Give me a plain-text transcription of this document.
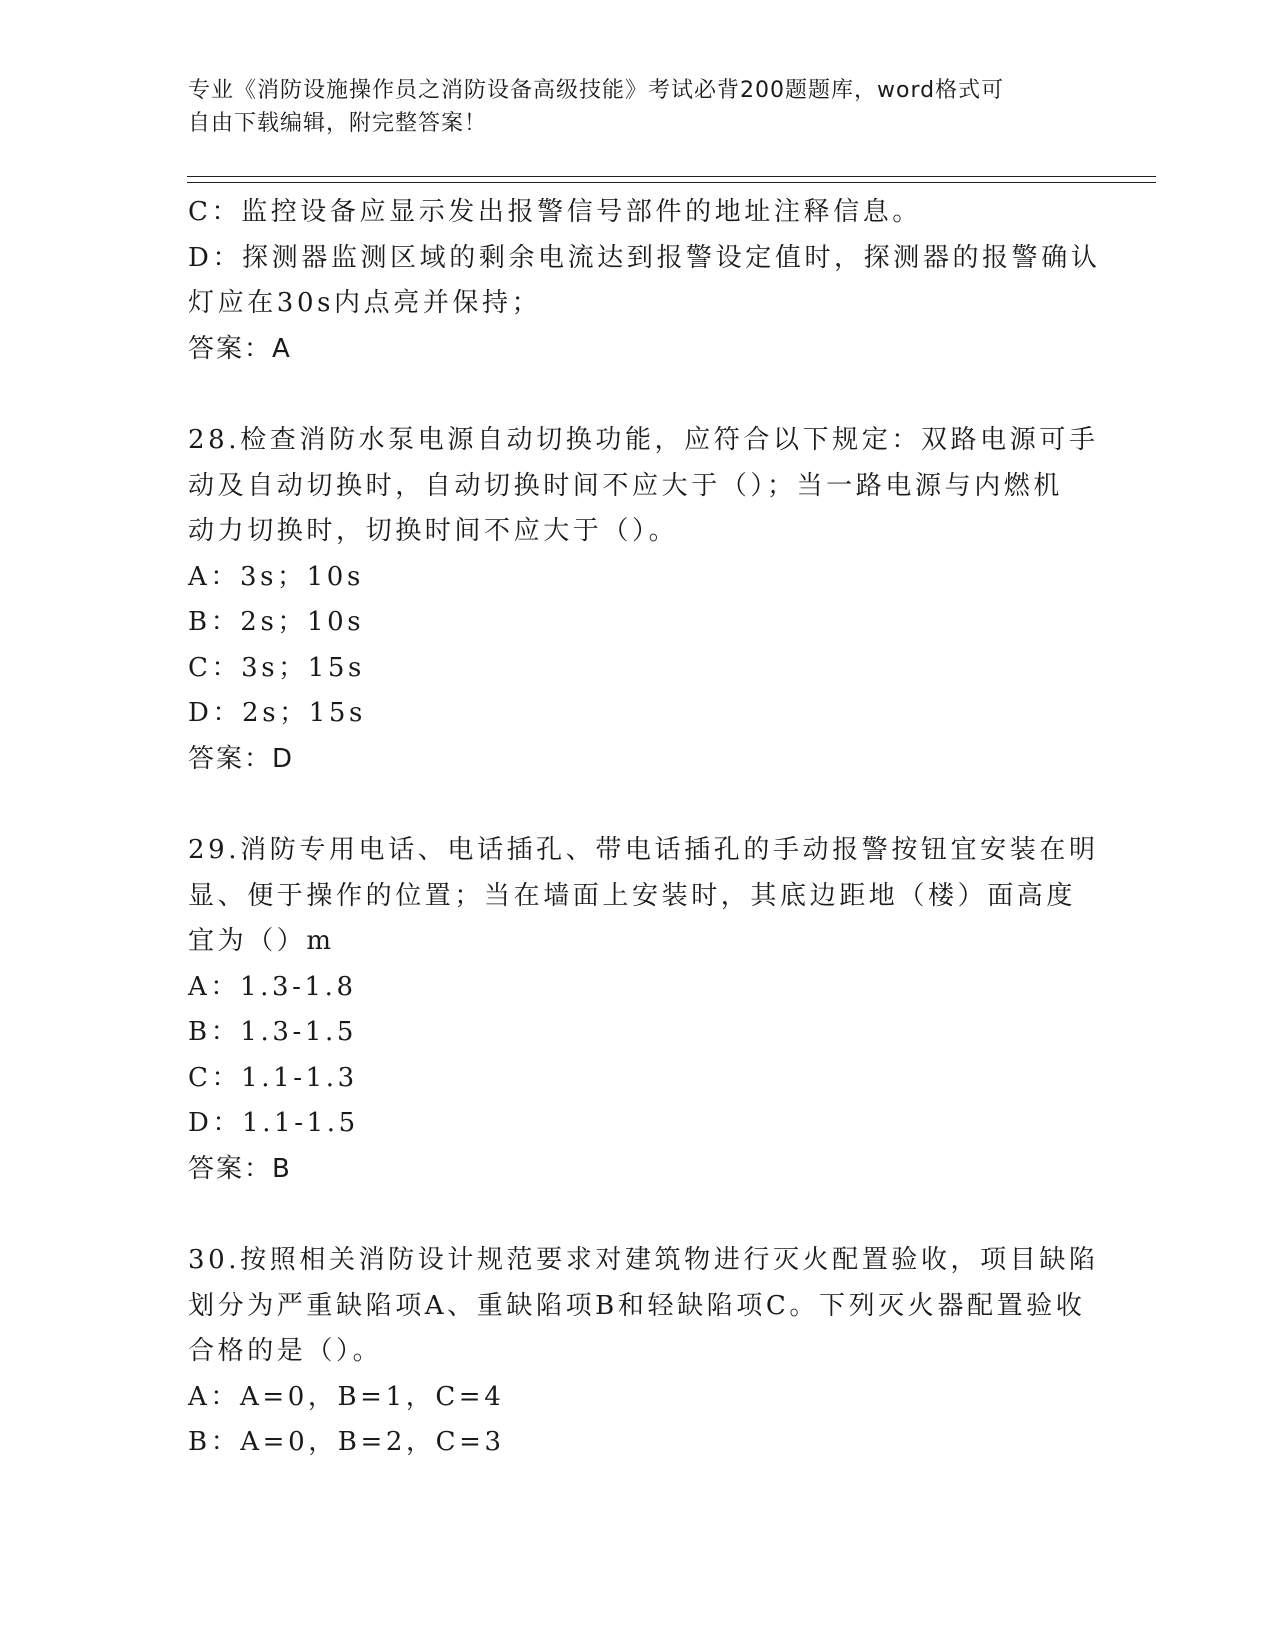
专业《消防设施操作员之消防设备高级技能》考试必背200题题库，word格式可
自由下载编辑，附完整答案！
C：监控设备应显示发出报警信号部件的地址注释信息。
D：探测器监测区域的剩余电流达到报警设定值时，探测器的报警确认
灯应在30s内点亮并保持；
答案：A
28.检查消防水泵电源自动切换功能，应符合以下规定：双路电源可手
动及自动切换时，自动切换时间不应大于（）；当一路电源与内燃机
动力切换时，切换时间不应大于（）。
A：3s；10s
B：2s；10s
C：3s；15s
D：2s；15s
答案：D
29.消防专用电话、电话插孔、带电话插孔的手动报警按钮宜安装在明
显、便于操作的位置；当在墙面上安装时，其底边距地（楼）面高度
宜为（）m
A：1.3-1.8
B：1.3-1.5
C：1.1-1.3
D：1.1-1.5
答案：B
30.按照相关消防设计规范要求对建筑物进行灭火配置验收，项目缺陷
划分为严重缺陷项A、重缺陷项B和轻缺陷项C。下列灭火器配置验收
合格的是（）。
A：A=0，B=1，C=4
B：A=0，B=2，C=3
